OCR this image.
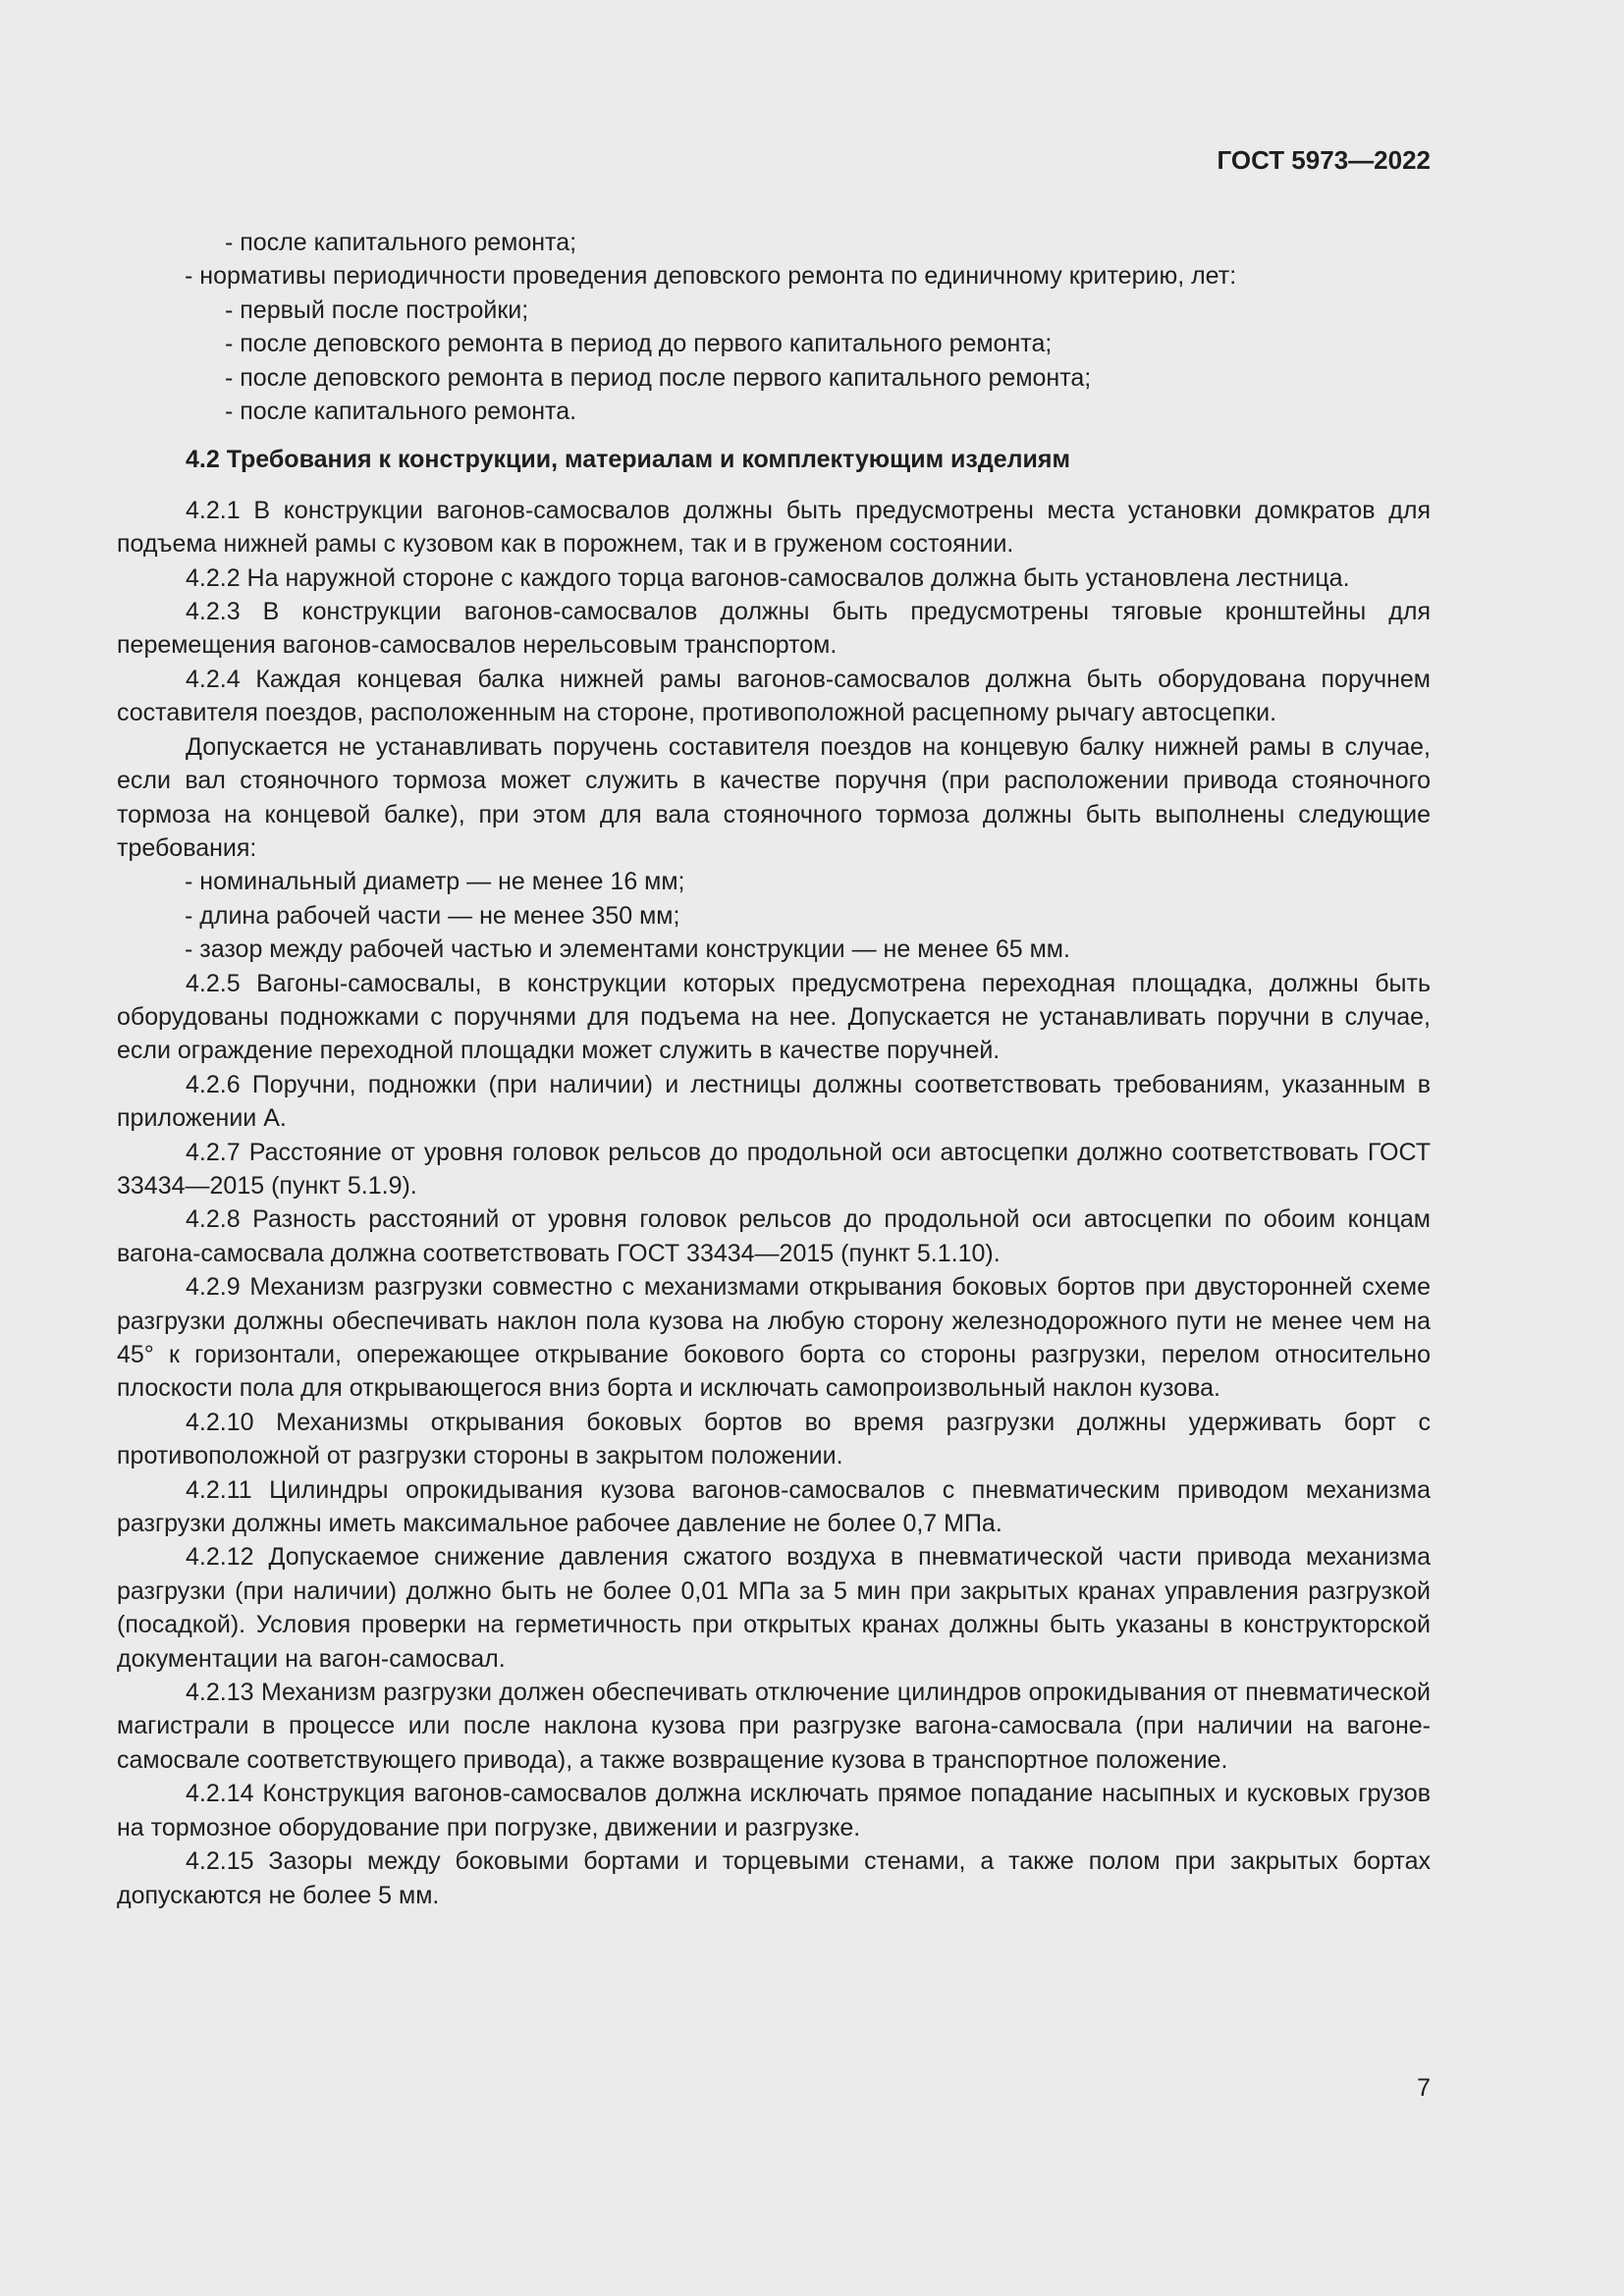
ГОСТ 5973—2022
- после капитального ремонта;
- нормативы периодичности проведения деповского ремонта по единичному критерию, лет:
- первый после постройки;
- после деповского ремонта в период до первого капитального ремонта;
- после деповского ремонта в период после первого капитального ремонта;
- после капитального ремонта.
4.2 Требования к конструкции, материалам и комплектующим изделиям
4.2.1 В конструкции вагонов-самосвалов должны быть предусмотрены места установки домкратов для подъема нижней рамы с кузовом как в порожнем, так и в груженом состоянии.
4.2.2 На наружной стороне с каждого торца вагонов-самосвалов должна быть установлена лестница.
4.2.3 В конструкции вагонов-самосвалов должны быть предусмотрены тяговые кронштейны для перемещения вагонов-самосвалов нерельсовым транспортом.
4.2.4 Каждая концевая балка нижней рамы вагонов-самосвалов должна быть оборудована поручнем составителя поездов, расположенным на стороне, противоположной расцепному рычагу автосцепки.
Допускается не устанавливать поручень составителя поездов на концевую балку нижней рамы в случае, если вал стояночного тормоза может служить в качестве поручня (при расположении привода стояночного тормоза на концевой балке), при этом для вала стояночного тормоза должны быть выполнены следующие требования:
- номинальный диаметр — не менее 16 мм;
- длина рабочей части — не менее 350 мм;
- зазор между рабочей частью и элементами конструкции — не менее 65 мм.
4.2.5 Вагоны-самосвалы, в конструкции которых предусмотрена переходная площадка, должны быть оборудованы подножками с поручнями для подъема на нее. Допускается не устанавливать поручни в случае, если ограждение переходной площадки может служить в качестве поручней.
4.2.6 Поручни, подножки (при наличии) и лестницы должны соответствовать требованиям, указанным в приложении А.
4.2.7 Расстояние от уровня головок рельсов до продольной оси автосцепки должно соответствовать ГОСТ 33434—2015 (пункт 5.1.9).
4.2.8 Разность расстояний от уровня головок рельсов до продольной оси автосцепки по обоим концам вагона-самосвала должна соответствовать ГОСТ 33434—2015 (пункт 5.1.10).
4.2.9 Механизм разгрузки совместно с механизмами открывания боковых бортов при двусторонней схеме разгрузки должны обеспечивать наклон пола кузова на любую сторону железнодорожного пути не менее чем на 45° к горизонтали, опережающее открывание бокового борта со стороны разгрузки, перелом относительно плоскости пола для открывающегося вниз борта и исключать самопроизвольный наклон кузова.
4.2.10 Механизмы открывания боковых бортов во время разгрузки должны удерживать борт с противоположной от разгрузки стороны в закрытом положении.
4.2.11 Цилиндры опрокидывания кузова вагонов-самосвалов с пневматическим приводом механизма разгрузки должны иметь максимальное рабочее давление не более 0,7 МПа.
4.2.12 Допускаемое снижение давления сжатого воздуха в пневматической части привода механизма разгрузки (при наличии) должно быть не более 0,01 МПа за 5 мин при закрытых кранах управления разгрузкой (посадкой). Условия проверки на герметичность при открытых кранах должны быть указаны в конструкторской документации на вагон-самосвал.
4.2.13 Механизм разгрузки должен обеспечивать отключение цилиндров опрокидывания от пневматической магистрали в процессе или после наклона кузова при разгрузке вагона-самосвала (при наличии на вагоне-самосвале соответствующего привода), а также возвращение кузова в транспортное положение.
4.2.14 Конструкция вагонов-самосвалов должна исключать прямое попадание насыпных и кусковых грузов на тормозное оборудование при погрузке, движении и разгрузке.
4.2.15 Зазоры между боковыми бортами и торцевыми стенами, а также полом при закрытых бортах допускаются не более 5 мм.
7
